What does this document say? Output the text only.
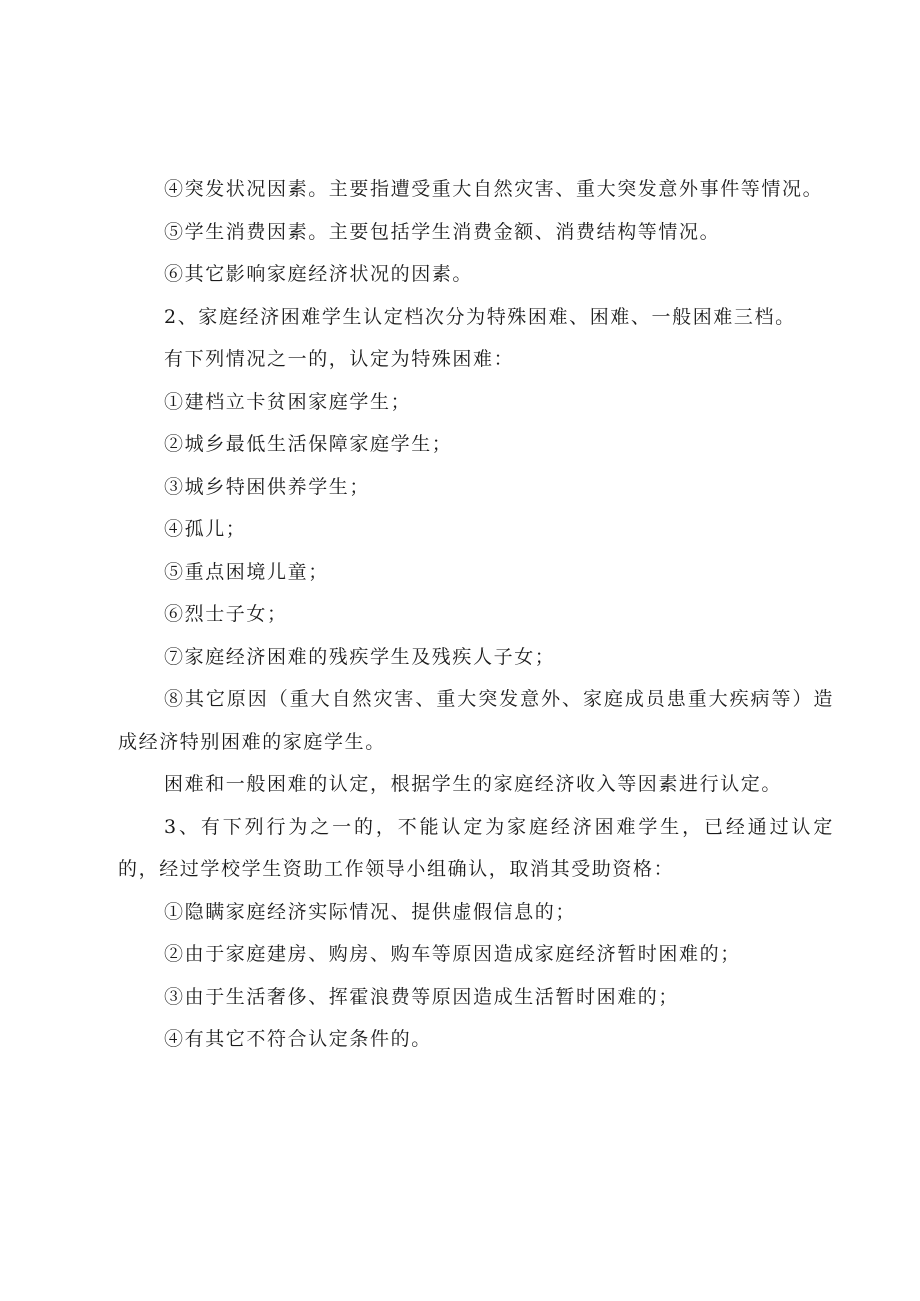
④突发状况因素。主要指遭受重大自然灾害、重大突发意外事件等情况。

⑤学生消费因素。主要包括学生消费金额、消费结构等情况。

⑥其它影响家庭经济状况的因素。

2、家庭经济困难学生认定档次分为特殊困难、困难、一般困难三档。

有下列情况之一的，认定为特殊困难：

①建档立卡贫困家庭学生；

②城乡最低生活保障家庭学生；

③城乡特困供养学生；

④孤儿；

⑤重点困境儿童；

⑥烈士子女；

⑦家庭经济困难的残疾学生及残疾人子女；

⑧其它原因（重大自然灾害、重大突发意外、家庭成员患重大疾病等）造成经济特别困难的家庭学生。

困难和一般困难的认定，根据学生的家庭经济收入等因素进行认定。

3、有下列行为之一的，不能认定为家庭经济困难学生，已经通过认定的，经过学校学生资助工作领导小组确认，取消其受助资格：

①隐瞒家庭经济实际情况、提供虚假信息的；

②由于家庭建房、购房、购车等原因造成家庭经济暂时困难的；

③由于生活奢侈、挥霍浪费等原因造成生活暂时困难的；

④有其它不符合认定条件的。
